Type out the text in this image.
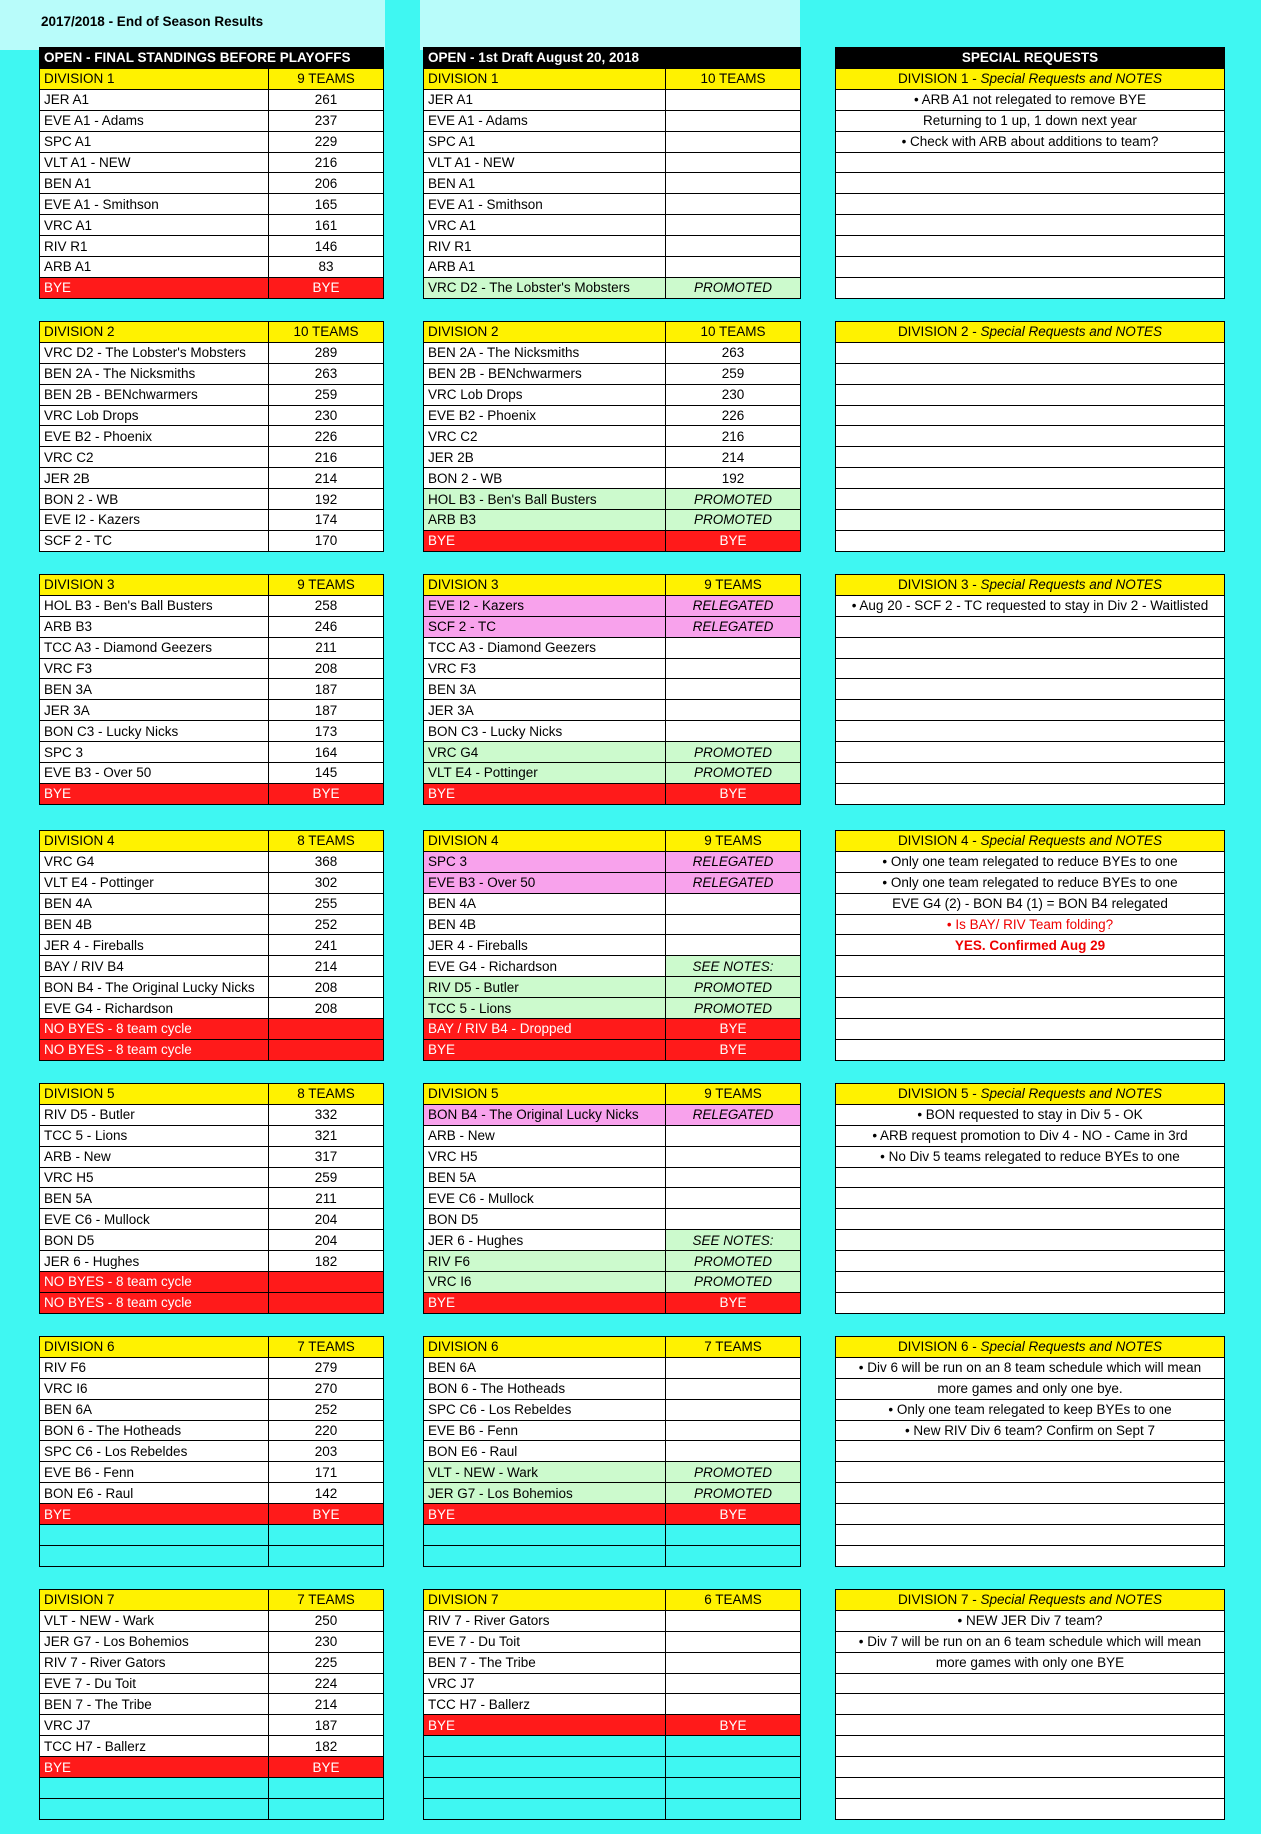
2017/2018 - End of Season Results
OPEN - FINAL STANDINGS BEFORE PLAYOFFS	OPEN - 1st Draft August 20, 2018	SPECIAL REQUESTS
DIVISION 1	9 TEAMS
JER A1	261
EVE A1 - Adams	237
SPC A1	229
VLT A1 - NEW	216
BEN A1	206
EVE A1 - Smithson	165
VRC A1	161
RIV R1	146
ARB A1	83
BYE	BYE
DIVISION 1	10 TEAMS
JER A1	
EVE A1 - Adams	
SPC A1	
VLT A1 - NEW	
BEN A1	
EVE A1 - Smithson	
VRC A1	
RIV R1	
ARB A1	
VRC D2 - The Lobster's Mobsters	PROMOTED
DIVISION 1 - Special Requests and NOTES
• ARB A1 not relegated to remove BYE
Returning to 1 up, 1 down next year
• Check with ARB about additions to team?

DIVISION 2	10 TEAMS
VRC D2 - The Lobster's Mobsters	289
BEN 2A - The Nicksmiths	263
BEN 2B - BENchwarmers	259
VRC Lob Drops	230
EVE B2 - Phoenix	226
VRC C2	216
JER 2B	214
BON 2 - WB	192
EVE I2 - Kazers	174
SCF 2 - TC	170
DIVISION 2	10 TEAMS
BEN 2A - The Nicksmiths	263
BEN 2B - BENchwarmers	259
VRC Lob Drops	230
EVE B2 - Phoenix	226
VRC C2	216
JER 2B	214
BON 2 - WB	192
HOL B3 - Ben's Ball Busters	PROMOTED
ARB B3	PROMOTED
BYE	BYE
DIVISION 2 - Special Requests and NOTES

DIVISION 3	9 TEAMS
HOL B3 - Ben's Ball Busters	258
ARB B3	246
TCC A3 - Diamond Geezers	211
VRC F3	208
BEN 3A	187
JER 3A	187
BON C3 - Lucky Nicks	173
SPC 3	164
EVE B3 - Over 50	145
BYE	BYE
DIVISION 3	9 TEAMS
EVE I2 - Kazers	RELEGATED
SCF 2 - TC	RELEGATED
TCC A3 - Diamond Geezers	
VRC F3	
BEN 3A	
JER 3A	
BON C3 - Lucky Nicks	
VRC G4	PROMOTED
VLT E4 - Pottinger	PROMOTED
BYE	BYE
DIVISION 3 - Special Requests and NOTES
• Aug 20 - SCF 2 - TC requested to stay in Div 2 - Waitlisted

DIVISION 4	8 TEAMS
VRC G4	368
VLT E4 - Pottinger	302
BEN 4A	255
BEN 4B	252
JER 4 - Fireballs	241
BAY / RIV B4	214
BON B4 - The Original Lucky Nicks	208
EVE G4 - Richardson	208
NO BYES - 8 team cycle	
NO BYES - 8 team cycle	
DIVISION 4	9 TEAMS
SPC 3	RELEGATED
EVE B3 - Over 50	RELEGATED
BEN 4A	
BEN 4B	
JER 4 - Fireballs	
EVE G4 - Richardson	SEE NOTES:
RIV D5 - Butler	PROMOTED
TCC 5 - Lions	PROMOTED
BAY / RIV B4 - Dropped	BYE
BYE	BYE
DIVISION 4 - Special Requests and NOTES
• Only one team relegated to reduce BYEs to one
• Only one team relegated to reduce BYEs to one
EVE G4 (2) - BON B4 (1) = BON B4 relegated
• Is BAY/ RIV Team folding?
YES. Confirmed Aug 29

DIVISION 5	8 TEAMS
RIV D5 - Butler	332
TCC 5 - Lions	321
ARB - New	317
VRC H5	259
BEN 5A	211
EVE C6 - Mullock	204
BON D5	204
JER 6 - Hughes	182
NO BYES - 8 team cycle	
NO BYES - 8 team cycle	
DIVISION 5	9 TEAMS
BON B4 - The Original Lucky Nicks	RELEGATED
ARB - New	
VRC H5	
BEN 5A	
EVE C6 - Mullock	
BON D5	
JER 6 - Hughes	SEE NOTES:
RIV F6	PROMOTED
VRC I6	PROMOTED
BYE	BYE
DIVISION 5 - Special Requests and NOTES
• BON requested to stay in Div 5 - OK
• ARB request promotion to Div 4 - NO - Came in 3rd
• No Div 5 teams relegated to reduce BYEs to one

DIVISION 6	7 TEAMS
RIV F6	279
VRC I6	270
BEN 6A	252
BON 6 - The Hotheads	220
SPC C6 - Los Rebeldes	203
EVE B6 - Fenn	171
BON E6 - Raul	142
BYE	BYE

DIVISION 6	7 TEAMS
BEN 6A	
BON 6 - The Hotheads	
SPC C6 - Los Rebeldes	
EVE B6 - Fenn	
BON E6 - Raul	
VLT - NEW - Wark	PROMOTED
JER G7 - Los Bohemios	PROMOTED
BYE	BYE

DIVISION 6 - Special Requests and NOTES
• Div 6 will be run on an 8 team schedule which will mean
more games and only one bye.
• Only one team relegated to keep BYEs to one
• New RIV Div 6 team? Confirm on Sept 7

DIVISION 7	7 TEAMS
VLT - NEW - Wark	250
JER G7 - Los Bohemios	230
RIV 7 - River Gators	225
EVE 7 - Du Toit	224
BEN 7 - The Tribe	214
VRC J7	187
TCC H7 - Ballerz	182
BYE	BYE

DIVISION 7	6 TEAMS
RIV 7 - River Gators	
EVE 7 - Du Toit	
BEN 7 - The Tribe	
VRC J7	
TCC H7 - Ballerz	
BYE	BYE

DIVISION 7 - Special Requests and NOTES
• NEW JER Div 7 team?
• Div 7 will be run on an 6 team schedule which will mean
more games with only one BYE
